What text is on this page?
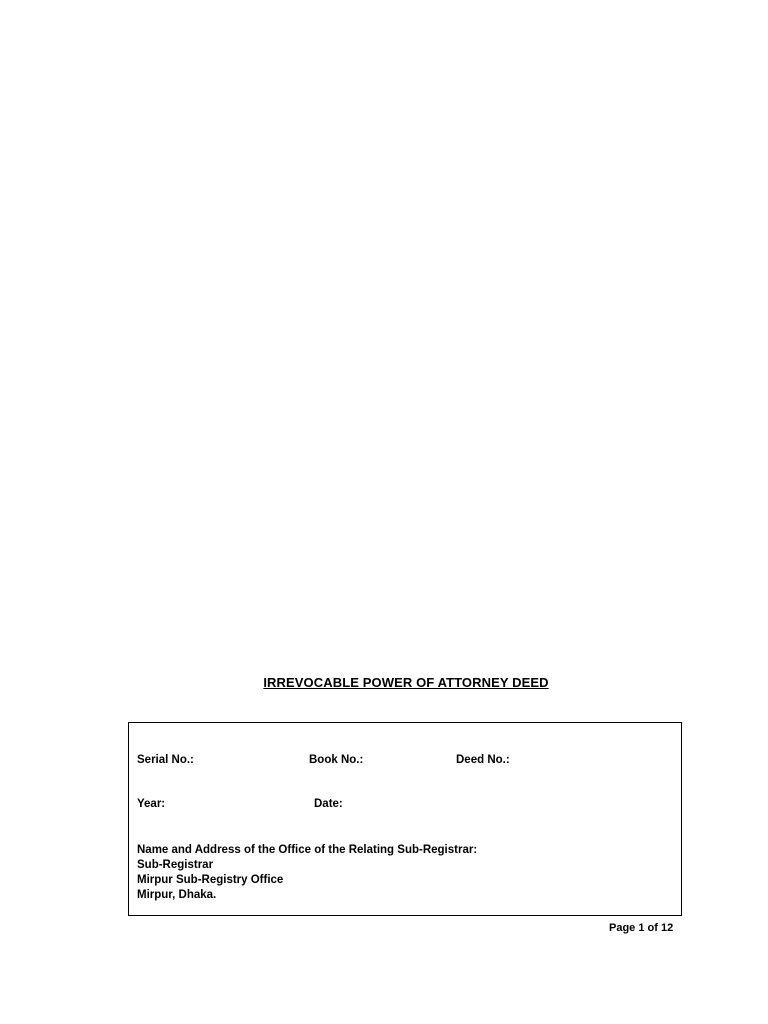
IRREVOCABLE POWER OF ATTORNEY DEED
Serial No.:	Book No.:	Deed No.:
Year:	Date:
Name and Address of the Office of the Relating Sub-Registrar:
Sub-Registrar
Mirpur Sub-Registry Office
Mirpur, Dhaka.
Page 1 of 12
